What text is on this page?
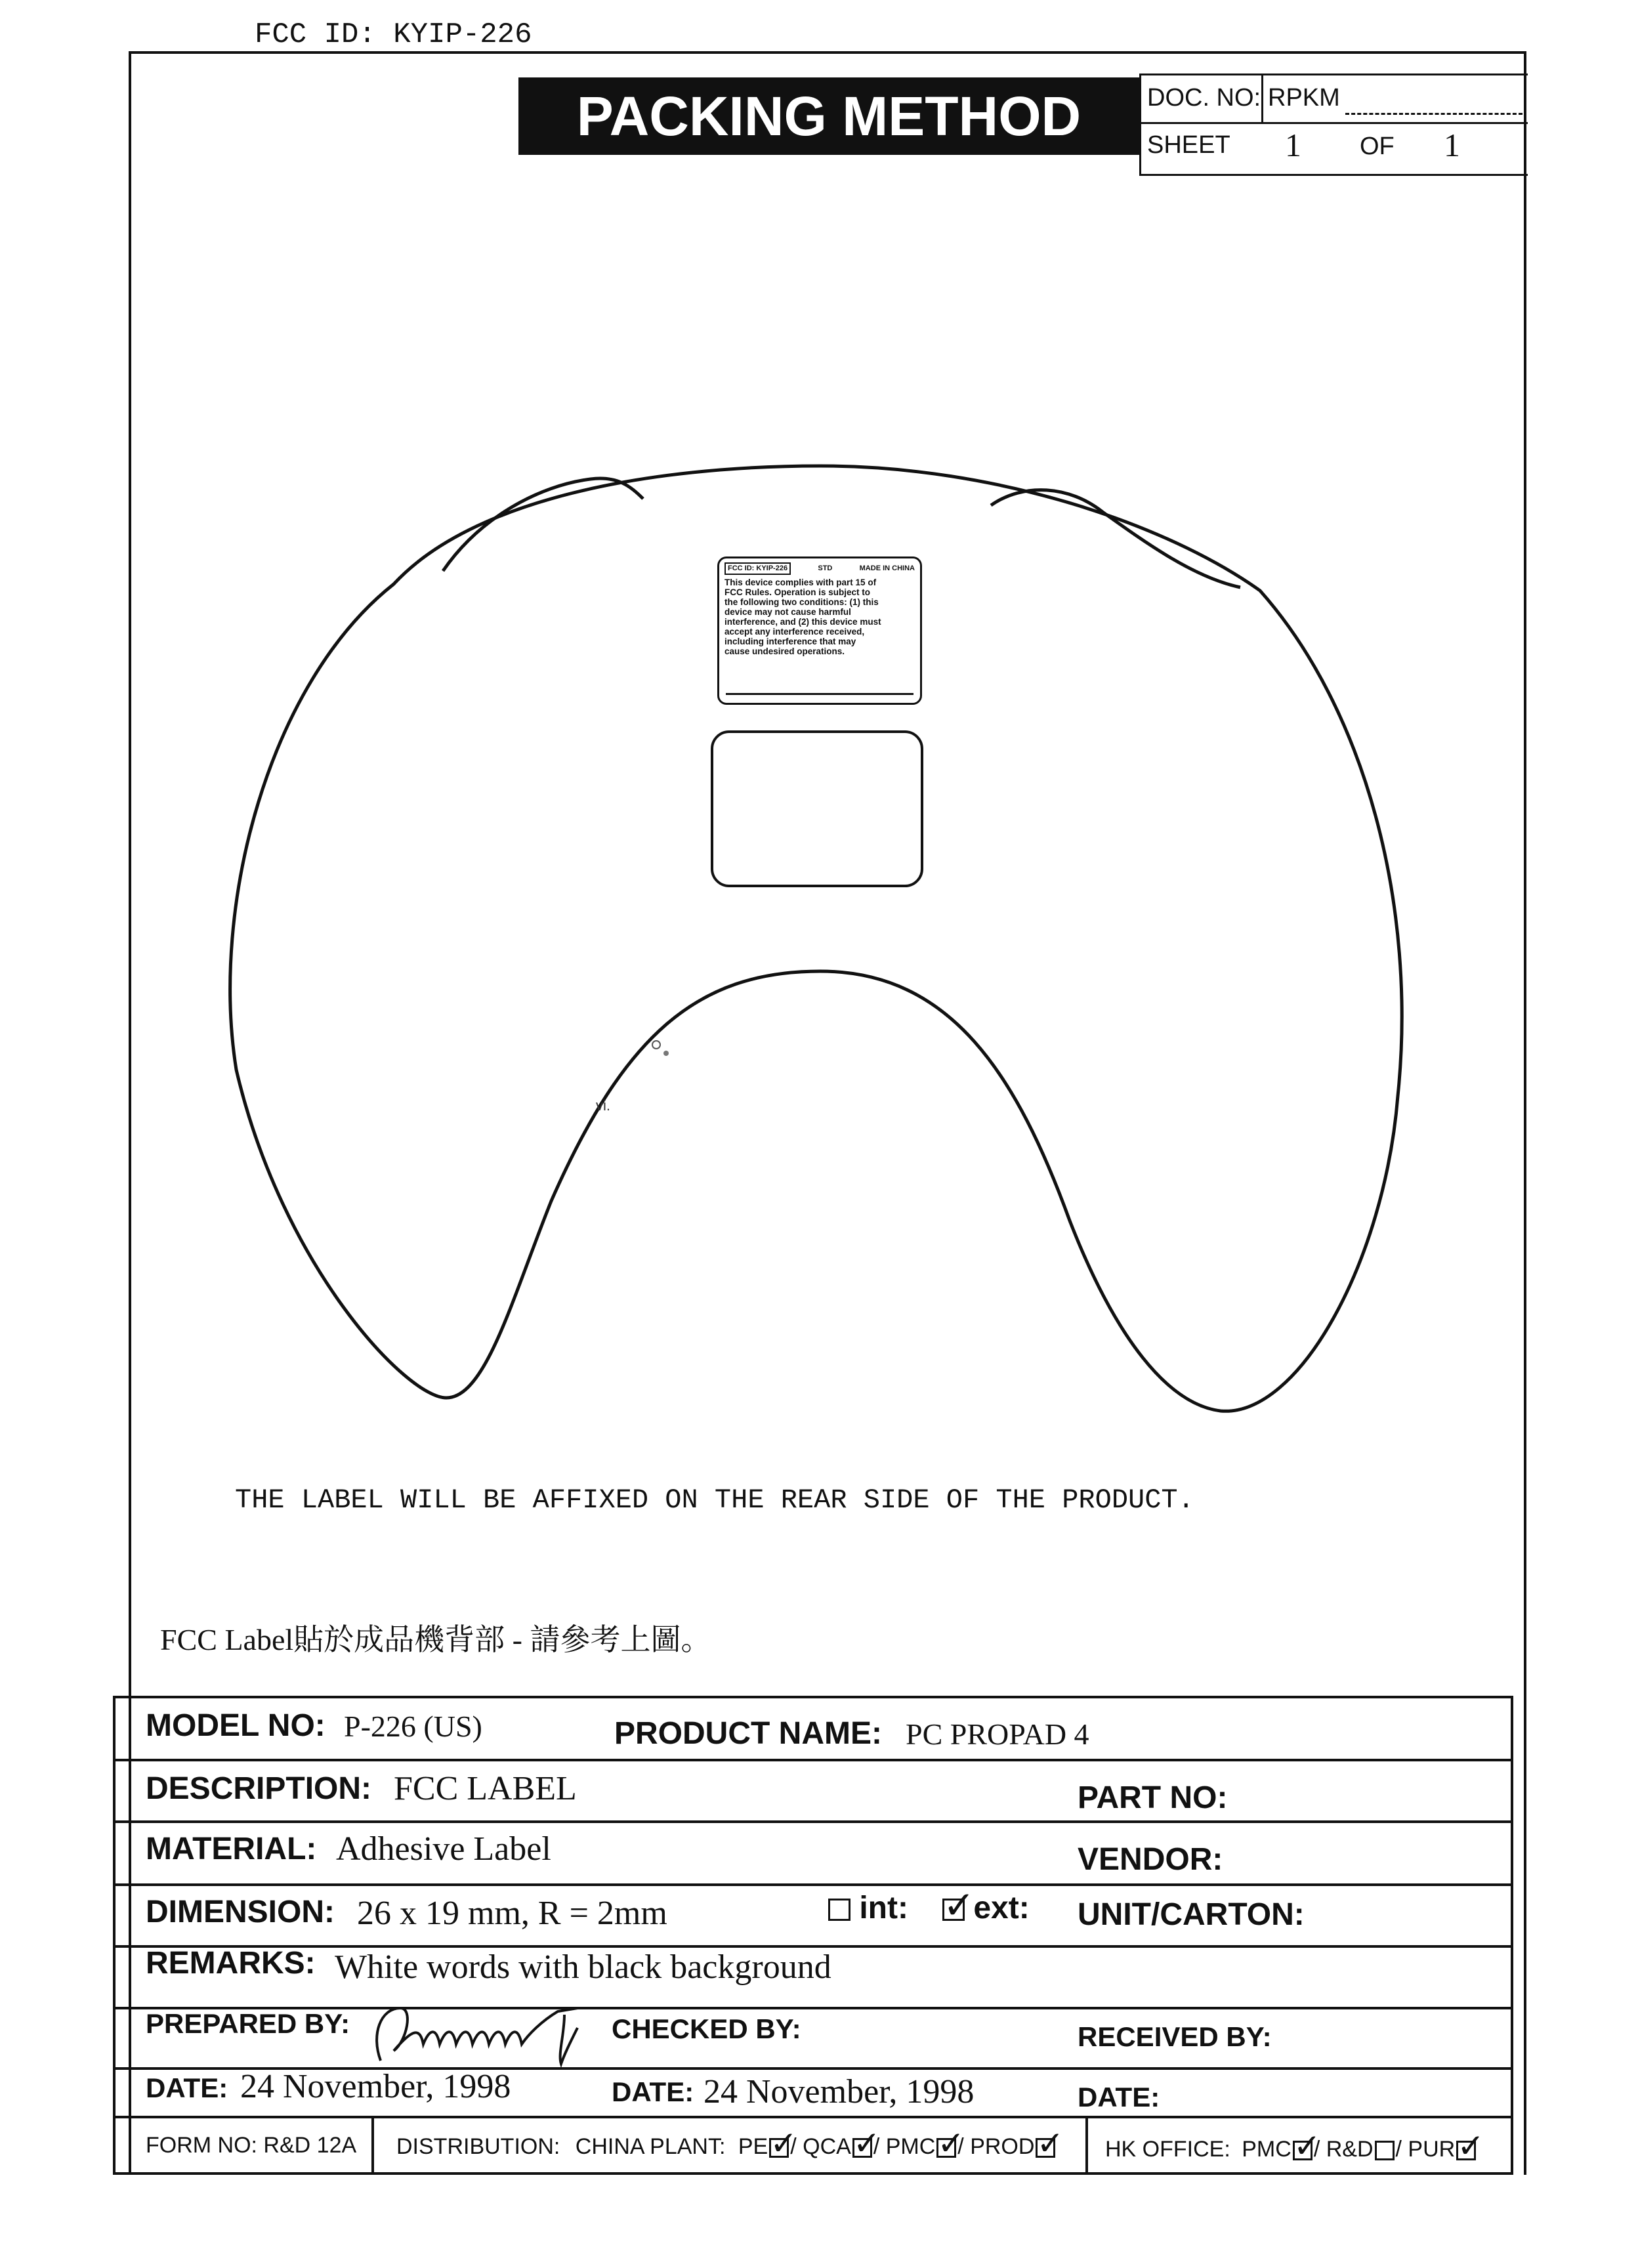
FCC ID: KYIP-226
PACKING METHOD	DOC. NO: RPKM
SHEET 1 OF 1
vi.
FCC ID: KYIP-226	STD	MADE IN CHINA
This device complies with part 15 of
FCC Rules. Operation is subject to
the following two conditions: (1) this
device may not cause harmful
interference, and (2) this device must
accept any interference received,
including interference that may
cause undesired operations.
THE LABEL WILL BE AFFIXED ON THE REAR SIDE OF THE PRODUCT.
FCC Label貼於成品機背部 - 請參考上圖。
MODEL NO: P-226 (US)	PRODUCT NAME: PC PROPAD 4
DESCRIPTION: FCC LABEL	PART NO:
MATERIAL: Adhesive Label	VENDOR:
DIMENSION: 26 x 19 mm, R = 2mm	int: ✓	ext: UNIT/CARTON:
REMARKS: White words with black background
PREPARED BY:	CHECKED BY:	RECEIVED BY:
DATE: 24 November, 1998	DATE: 24 November, 1998	DATE:
FORM NO: R&D 12A DISTRIBUTION: CHINA PLANT: PE ✓ / QCA ✓ / PMC ✓ / PROD ✓	HK OFFICE: PMC ✓ / R&D / PUR✓
